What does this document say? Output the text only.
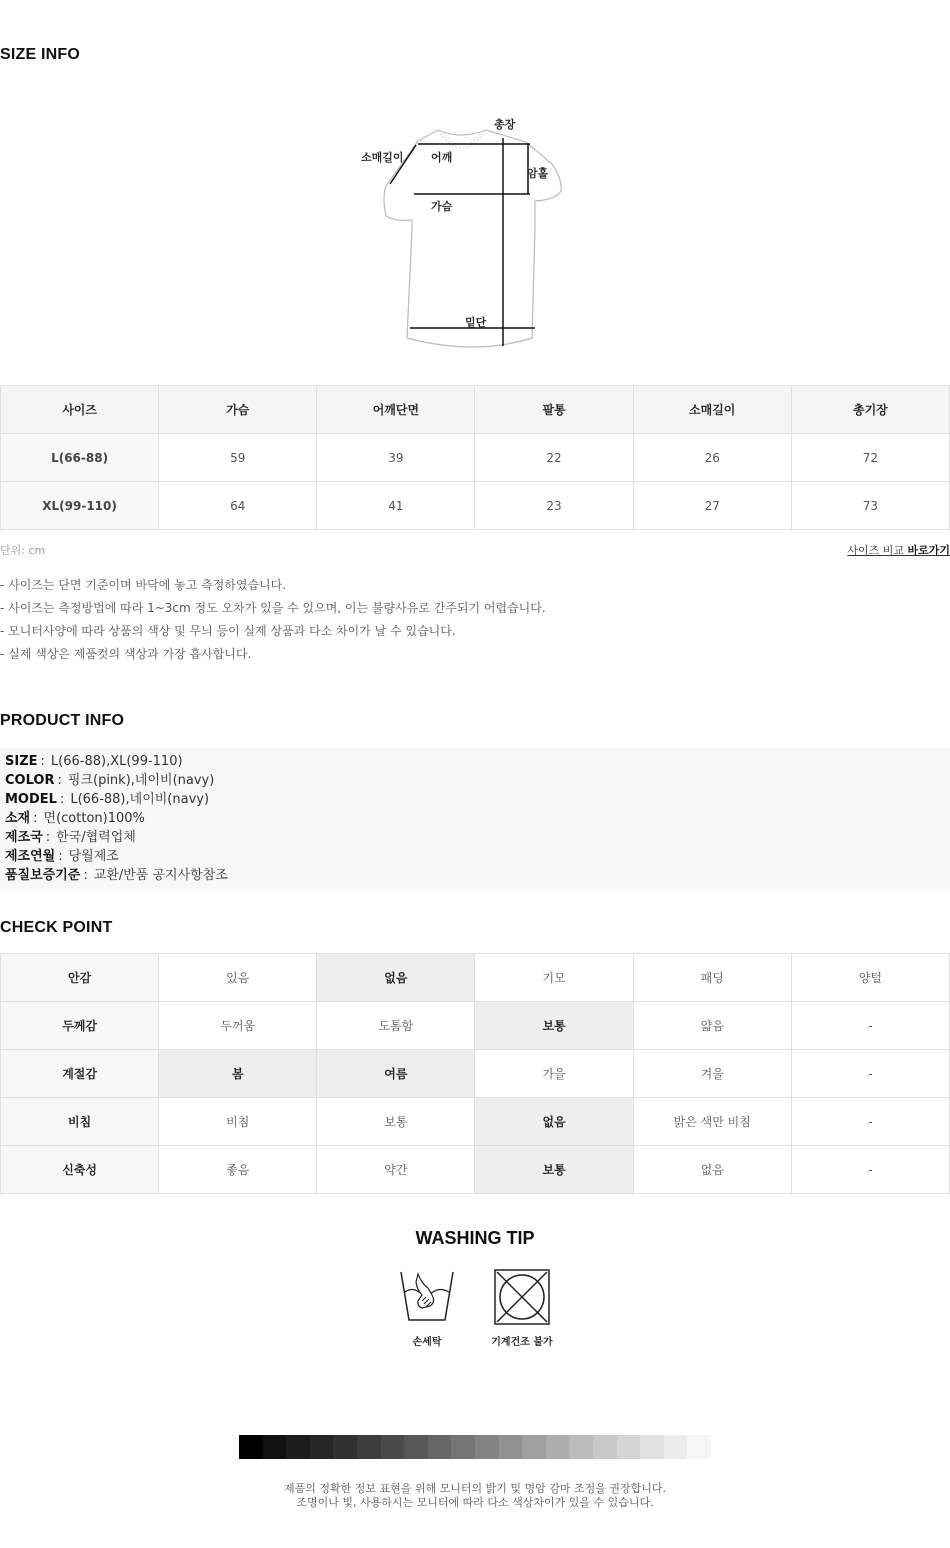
SIZE INFO
총장
소매길이 어깨
암홀
가슴
밑단
사이즈	가슴	어깨단면	팔통	소매길이	총기장
L(66-88)	59	39	22	26	72
XL(99-110)	64	41	23	27	73
단위: cm	사이즈 비교 바로가기
- 사이즈는 단면 기준이며 바닥에 놓고 측정하였습니다.
- 사이즈는 측정방법에 따라 1~3cm 정도 오차가 있을 수 있으며, 이는 불량사유로 간주되기 어렵습니다.
- 모니터사양에 따라 상품의 색상 및 무늬 등이 실제 상품과 다소 차이가 날 수 있습니다.
- 실제 색상은 제품컷의 색상과 가장 흡사합니다.
PRODUCT INFO
SIZE : L(66-88),XL(99-110)
COLOR : 핑크(pink),네이비(navy)
MODEL : L(66-88),네이비(navy)
소재 : 면(cotton)100%
제조국 : 한국/협력업체
제조연월 : 당월제조
품질보증기준 : 교환/반품 공지사항참조
CHECK POINT
안감	있음	없음	기모	패딩	양털
두께감	두꺼움	도톰함	보통	얇음	-
계절감	봄	여름	가을	겨울	-
비침	비침	보통	없음	밝은 색만 비침	-
신축성	좋음	약간	보통	없음	-
WASHING TIP
손세탁	기계건조 불가
제품의 정확한 정보 표현을 위해 모니터의 밝기 및 명암 감마 조정을 권장합니다.
조명이나 빛, 사용하시는 모니터에 따라 다소 색상차이가 있을 수 있습니다.
